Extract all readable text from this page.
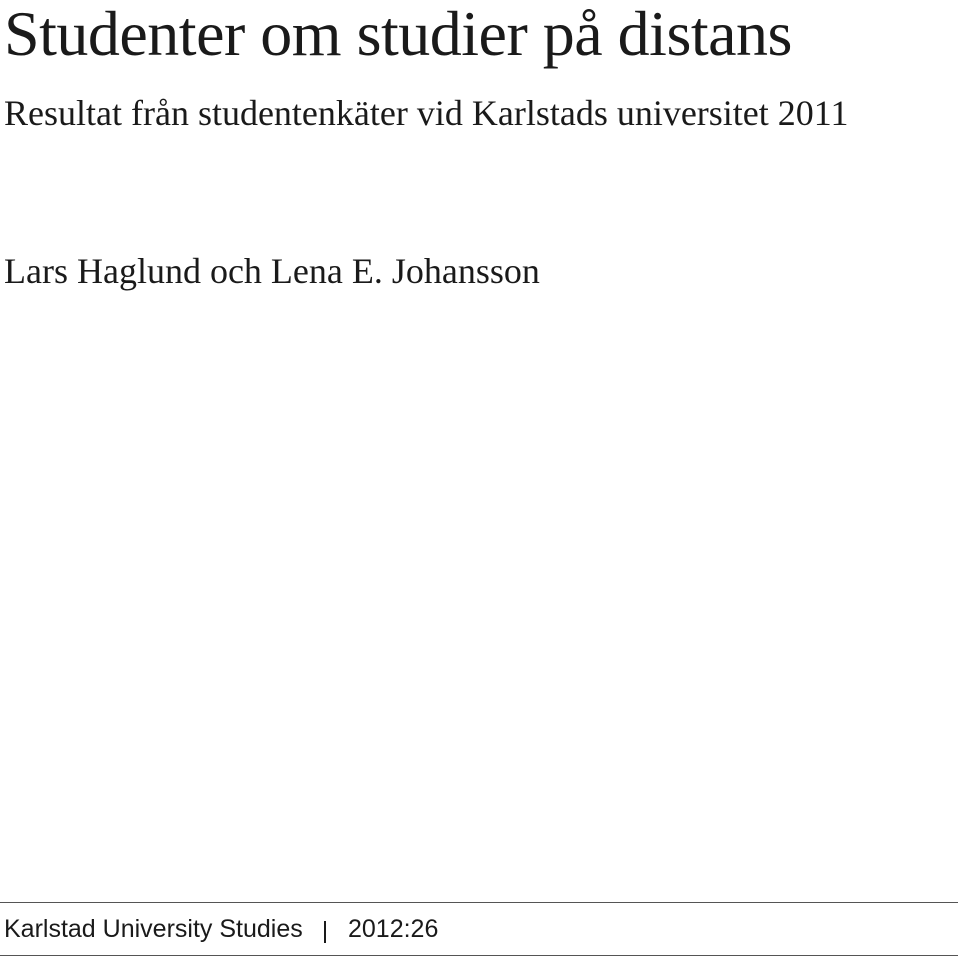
Studenter om studier på distans
Resultat från studentenkäter vid Karlstads universitet 2011

Lars Haglund och Lena E. Johansson

Karlstad University Studies 2012:26
